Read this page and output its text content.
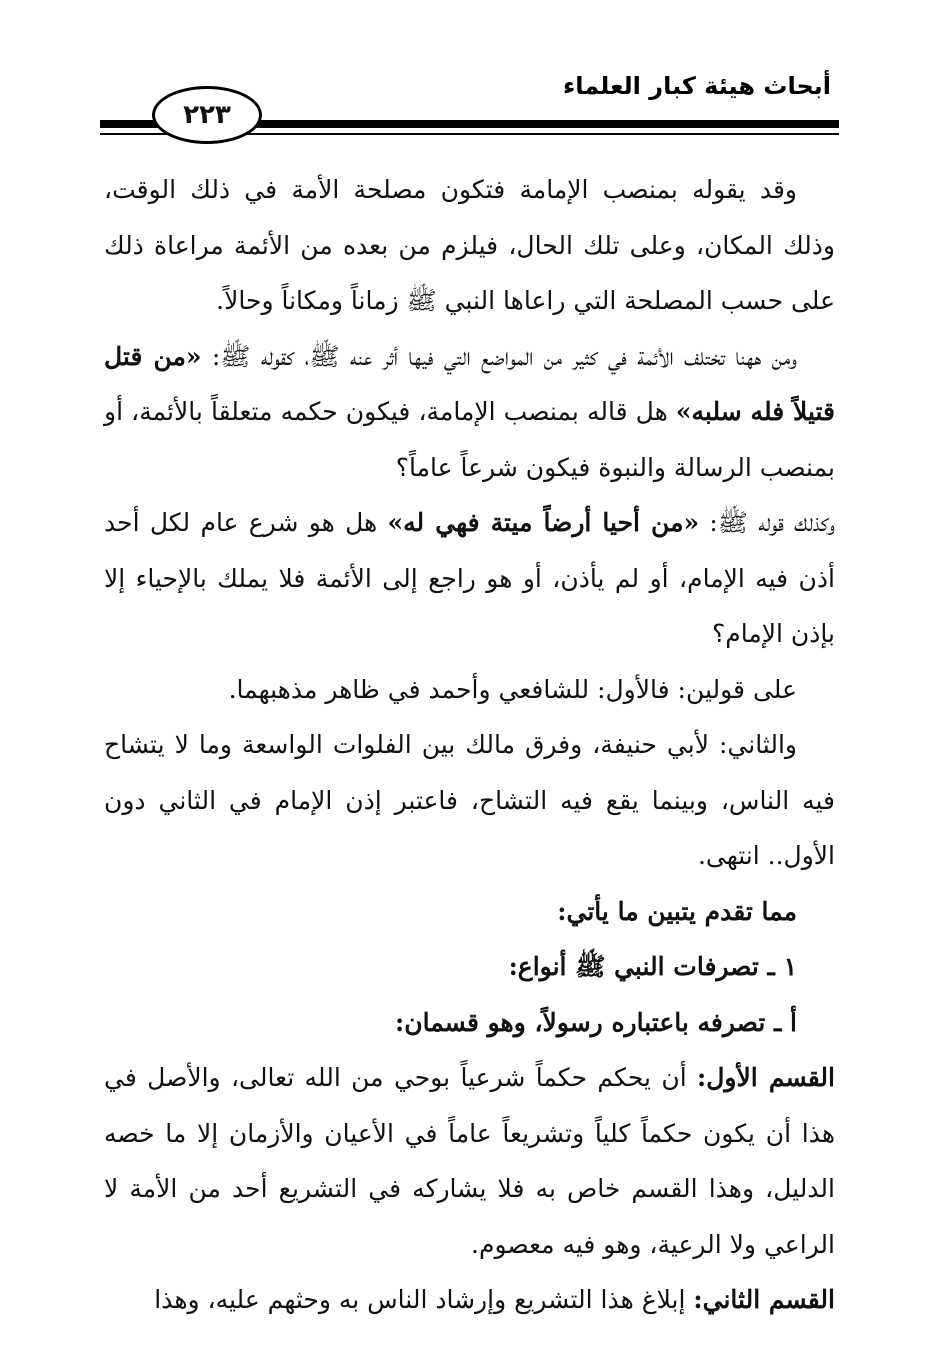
أبحاث هيئة كبار العلماء
٢٢٣

وقد يقوله بمنصب الإمامة فتكون مصلحة الأمة في ذلك الوقت، وذلك المكان، وعلى تلك الحال، فيلزم من بعده من الأئمة مراعاة ذلك على حسب المصلحة التي راعاها النبي ﷺ زماناً ومكاناً وحالاً.

ومن ههنا تختلف الأئمة في كثير من المواضع التي فيها أثر عنه ﷺ، كقوله ﷺ: «من قتل قتيلاً فله سلبه» هل قاله بمنصب الإمامة، فيكون حكمه متعلقاً بالأئمة، أو بمنصب الرسالة والنبوة فيكون شرعاً عاماً؟

وكذلك قوله ﷺ: «من أحيا أرضاً ميتة فهي له» هل هو شرع عام لكل أحد أذن فيه الإمام، أو لم يأذن، أو هو راجع إلى الأئمة فلا يملك بالإحياء إلا بإذن الإمام؟

على قولين: فالأول: للشافعي وأحمد في ظاهر مذهبهما.

والثاني: لأبي حنيفة، وفرق مالك بين الفلوات الواسعة وما لا يتشاح فيه الناس، وبينما يقع فيه التشاح، فاعتبر إذن الإمام في الثاني دون الأول.. انتهى.

مما تقدم يتبين ما يأتي:

١ ـ تصرفات النبي ﷺ أنواع:

أ ـ تصرفه باعتباره رسولاً، وهو قسمان:

القسم الأول: أن يحكم حكماً شرعياً بوحي من الله تعالى، والأصل في هذا أن يكون حكماً كلياً وتشريعاً عاماً في الأعيان والأزمان إلا ما خصه الدليل، وهذا القسم خاص به فلا يشاركه في التشريع أحد من الأمة لا الراعي ولا الرعية، وهو فيه معصوم.

القسم الثاني: إبلاغ هذا التشريع وإرشاد الناس به وحثهم عليه، وهذا
